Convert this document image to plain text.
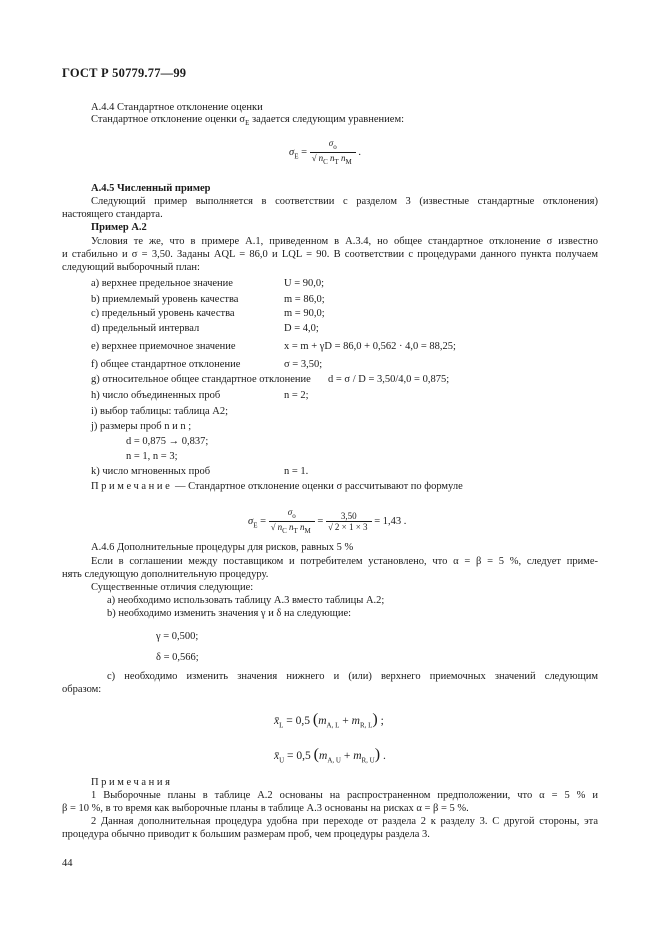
ГОСТ Р 50779.77—99
А.4.4 Стандартное отклонение оценки
Стандартное отклонение оценки $\sigma_Е$ задается следующим уравнением:
$\sigma_E = \frac{\sigma_o}{√ n_C n_T n_M}$ .
А.4.5 Численный пример
Следующий пример выполняется в соответствии с разделом 3 (известные стандартные отклонения)
настоящего стандарта.
Пример А.2
Условия те же, что в примере А.1, приведенном в А.3.4, но общее стандартное отклонение σ известно
и стабильно и σ = 3,50. Заданы AQL = 86,0 и LQL = 90. В соответствии с процедурами данного пункта получаем
следующий выборочный план:
a) верхнее предельное значение	U = 90,0;
b) приемлемый уровень качества	m = 86,0;
c) предельный уровень качества	m = 90,0;
d) предельный интервал	D = 4,0;
e) верхнее приемочное значение	x = m + γD = 86,0 + 0,562 · 4,0 = 88,25;
f) общее стандартное отклонение	σ = 3,50;
g) относительное общее стандартное отклонение d = σ / D = 3,50/4,0 = 0,875;
h) число объединенных проб	n = 2;
i) выбор таблицы: таблица А2;
j) размеры проб n и n ;
d = 0,875 → 0,837;
n = 1, n = 3;
k) число мгновенных проб	n = 1.
Примечание — Стандартное отклонение оценки σ рассчитывают по формуле
$\sigma_E = \frac{\sigma_o}{√ n_C n_T n_M} = \frac{3,50}{√ 2 \times 1 \times 3} = 1,43$ .
А.4.6 Дополнительные процедуры для рисков, равных 5 %
Если в соглашении между поставщиком и потребителем установлено, что α = β = 5 %, следует приме-
нять следующую дополнительную процедуру.
Существенные отличия следующие:
a) необходимо использовать таблицу А.3 вместо таблицы А.2;
b) необходимо изменить значения γ и δ на следующие:
γ = 0,500;
δ = 0,566;
c) необходимо изменить значения нижнего и (или) верхнего приемочных значений следующим
образом:
$x̄_L = 0,5$ $(m_{A, L} + m_{R, L})$ ;
$x̄_U = 0,5$ $(m_{A, U} + m_{R, U})$ .
Примечания
1 Выборочные планы в таблице А.2 основаны на распространенном предположении, что α = 5 % и
β = 10 %, в то время как выборочные планы в таблице А.3 основаны на рисках α = β = 5 %.
2 Данная дополнительная процедура удобна при переходе от раздела 2 к разделу 3. С другой стороны, эта
процедура обычно приводит к большим размерам проб, чем процедуры раздела 3.
44
